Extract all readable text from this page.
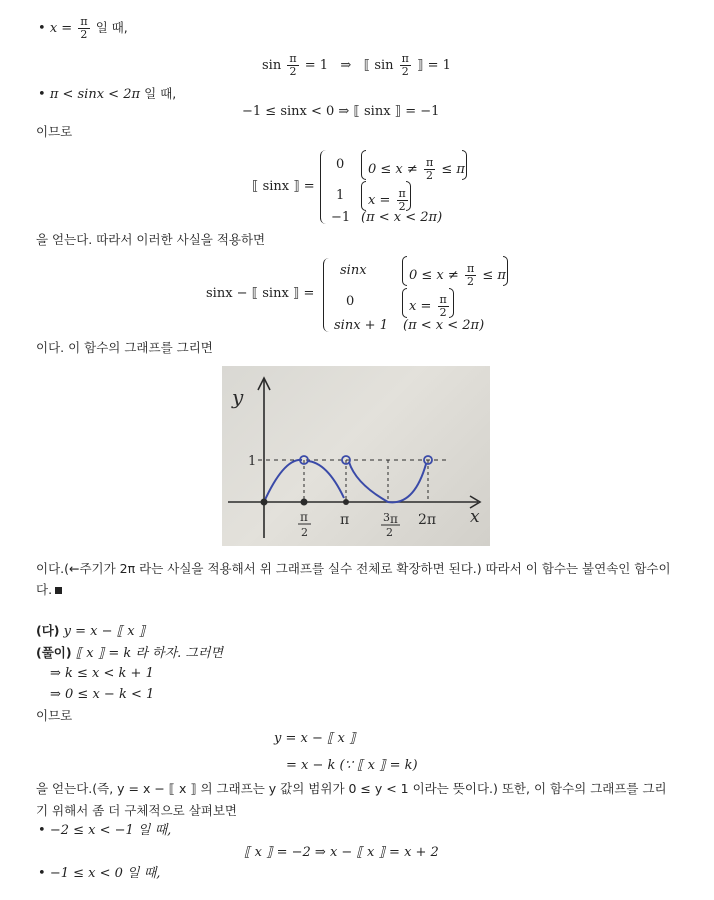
• $x = \frac{\pi}{2}$ 일 때,
$\sin \frac{\pi}{2} = 1$ ⇒ ⟦ $\sin \frac{\pi}{2}$ ⟧ = 1
• π < sinx < 2π 일 때,
−1 ≤ sinx < 0 ⇒ ⟦ sinx ⟧ = −1
이므로
⟦ sinx ⟧ =
0 $0 \le x \ne \frac{\pi}{2} \le \pi$
1 $x = \frac{\pi}{2}$
−1 (π < x < 2π)
을 얻는다. 따라서 이러한 사실을 적용하면
sinx − ⟦ sinx ⟧ =
sinx	$0 \le x \ne \frac{\pi}{2} \le \pi$
0	$x = \frac{\pi}{2}$
sinx + 1 (π < x < 2π)
이다. 이 함수의 그래프를 그리면
y
1
x
π
2
π	3 π
2
2π
이다.(←주기가 2π 라는 사실을 적용해서 위 그래프를 실수 전체로 확장하면 된다.) 따라서 이 함수는 불연속인 함수이
다.
(다) y = x − ⟦ x ⟧
(풀이) ⟦ x ⟧ = k 라 하자. 그러면
⇒ k ≤ x < k + 1
⇒ 0 ≤ x − k < 1
이므로
y = x − ⟦ x ⟧
= x − k (∵ ⟦ x ⟧ = k)
을 얻는다.(즉, y = x − ⟦ x ⟧ 의 그래프는 y 값의 범위가 0 ≤ y < 1 이라는 뜻이다.) 또한, 이 함수의 그래프를 그리
기 위해서 좀 더 구체적으로 살펴보면
• −2 ≤ x < −1 일 때,
⟦ x ⟧ = −2 ⇒ x − ⟦ x ⟧ = x + 2
• −1 ≤ x < 0 일 때,
